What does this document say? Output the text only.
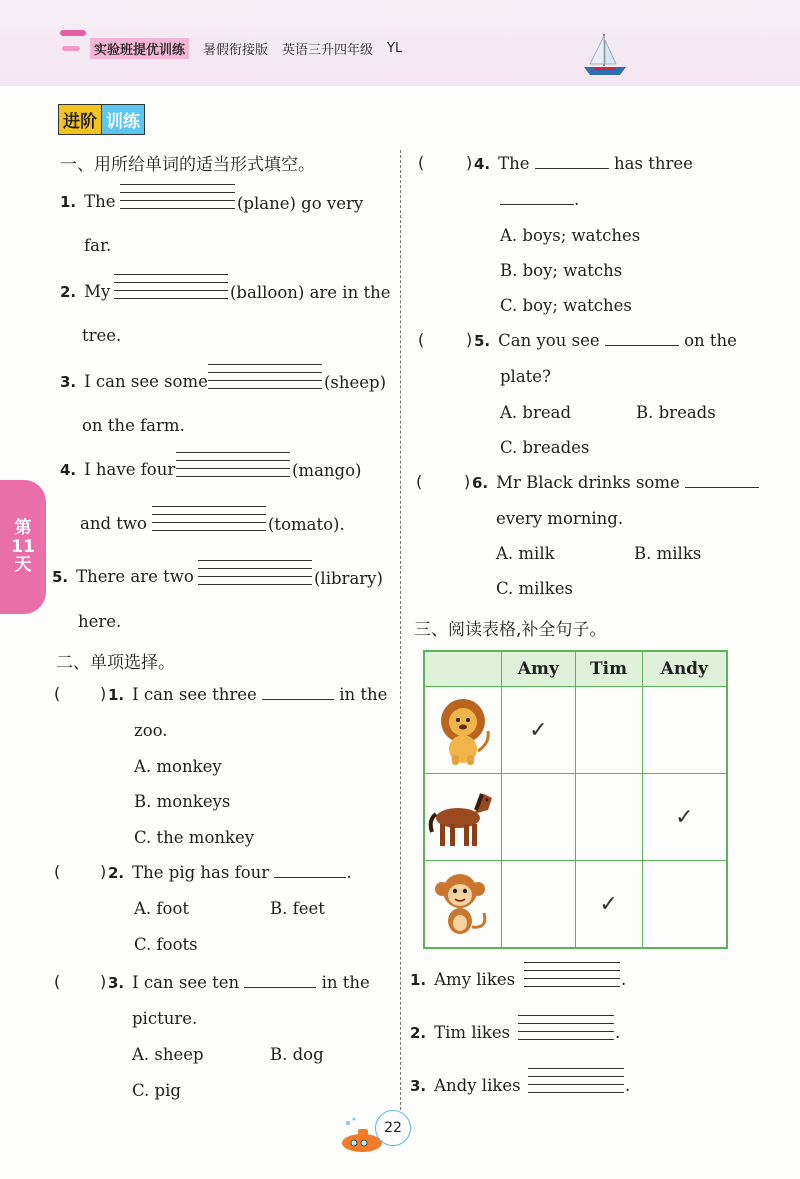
实验班提优训练	暑假衔接版 英语三升四年级 YL
进阶 训练
第
11
天
一、用所给单词的适当形式填空。
1. The	(plane) go very
far.
2. My	(balloon) are in the
tree.
3. I can see some	(sheep)
on the farm.
4. I have four	(mango)
and two	(tomato).
5. There are two	(library)
here.
二、单项选择。
( ) 1. I can see three	in the
zoo.
A. monkey
B. monkeys
C. the monkey
( ) 2. The pig has four	.
A. foot	B. feet
C. foots
( ) 3. I can see ten	in the
picture.
A. sheep	B. dog
C. pig
(	) 4. The	has three
.
A. boys; watches
B. boy; watchs
C. boy; watches
(	) 5. Can you see	on the
plate?
A. bread	B. breads
C. breades
(	) 6. Mr Black drinks some
every morning.
A. milk	B. milks
C. milkes
三、阅读表格,补全句子。
	Amy	Tim	Andy

	✓		

			✓

		✓	
1. Amy likes	.
2. Tim likes	.
3. Andy likes	.
22
